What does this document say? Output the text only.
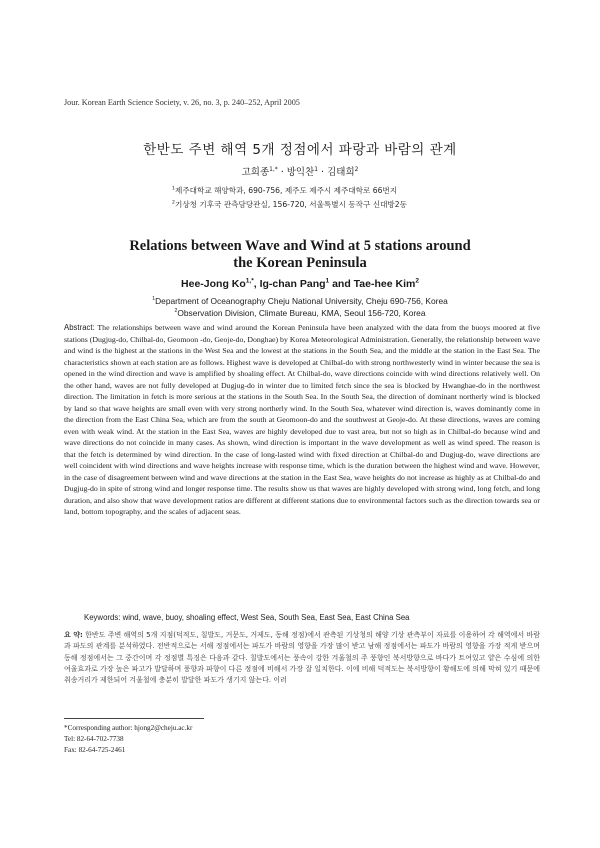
Jour. Korean Earth Science Society, v. 26, no. 3, p. 240–252, April 2005
한반도 주변 해역 5개 정점에서 파랑과 바람의 관계
고희종$^{1,*}$ · 방익찬$^1$ · 김태희$^2$
$^1$제주대학교 해양학과, 690-756, 제주도 제주시 제주대학로 66번지
$^2$기상청 기후국 관측담당관실, 156-720, 서울특별시 동작구 신대방2동
Relations between Wave and Wind at 5 stations around
the Korean Peninsula
Hee-Jong $Ko^{1,*}$, Ig-chan Pang$^1$ and Tae-hee Kim$^2$
$^1$Department of Oceanography Cheju National University, Cheju 690-756, Korea
$^2$Observation Division, Climate Bureau, KMA, Seoul 156-720, Korea
Abstract: The relationships between wave and wind around the Korean Peninsula have been analyzed with the data from the buoys moored at five stations (Dugjug-do, Chilbal-do, Geomoon -do, Geoje-do, Donghae) by Korea Meteorological Administration. Generally, the relationship between wave and wind is the highest at the stations in the West Sea and the lowest at the stations in the South Sea, and the middle at the station in the East Sea. The characteristics shown at each station are as follows. Highest wave is developed at Chilbal-do with strong northwesterly wind in winter because the sea is opened in the wind direction and wave is amplified by shoaling effect. At Chilbal-do, wave directions coincide with wind directions relatively well. On the other hand, waves are not fully developed at Dugjug-do in winter due to limited fetch since the sea is blocked by Hwanghae-do in the northwest direction. The limitation in fetch is more serious at the stations in the South Sea. In the South Sea, the direction of dominant northerly wind is blocked by land so that wave heights are small even with very strong northerly wind. In the South Sea, whatever wind direction is, waves dominantly come in the direction from the East China Sea, which are from the south at Geomoon-do and the southwest at Geoje-do. At these directions, waves are coming even with weak wind. At the station in the East Sea, waves are highly developed due to vast area, but not so high as in Chilbal-do because wind and wave directions do not coincide in many cases. As shown, wind direction is important in the wave development as well as wind speed. The reason is that the fetch is determined by wind direction. In the case of long-lasted wind with fixed direction at Chilbal-do and Dugjug-do, wave directions are well coincident with wind directions and wave heights increase with response time, which is the duration between the highest wind and wave. However, in the case of disagreement between wind and wave directions at the station in the East Sea, wave heights do not increase as highly as at Chilbal-do and Dugjug-do in spite of strong wind and longer response time. The results show us that waves are highly developed with strong wind, long fetch, and long duration, and also show that wave development ratios are different at different stations due to environmental factors such as the direction towards sea or land, bottom topography, and the scales of adjacent seas.
Keywords: wind, wave, buoy, shoaling effect, West Sea, South Sea, East Sea, East China Sea
요 약: 한반도 주변 해역의 5개 지점(덕적도, 칠발도, 거문도, 거제도, 동해 정점)에서 관측된 기상청의 해양 기상 관측부이 자료를 이용하여 각 해역에서 바람과 파도의 관계를 분석하였다. 전반적으로는 서해 정점에서는 파도가 바람의 영향을 가장 많이 받고 남해 정점에서는 파도가 바람의 영향을 가장 적게 받으며 동해 정점에서는 그 중간이며 각 정점별 특징은 다음과 같다. 칠발도에서는 풍속이 강한 겨울철의 주 풍향인 북서방향으로 바다가 트여있고 얕은 수심에 의한 여울효과로 가장 높은 파고가 발달하며 풍향과 파향이 다른 정점에 비해서 가장 잘 일치한다. 이에 비해 덕적도는 북서방향이 황해도에 의해 막혀 있기 때문에 취송거리가 제한되어 겨울철에 충분히 발달한 파도가 생기지 않는다. 이러
*Corresponding author: hjong2@cheju.ac.kr
Tel: 82-64-702-7738
Fax: 82-64-725-2461
